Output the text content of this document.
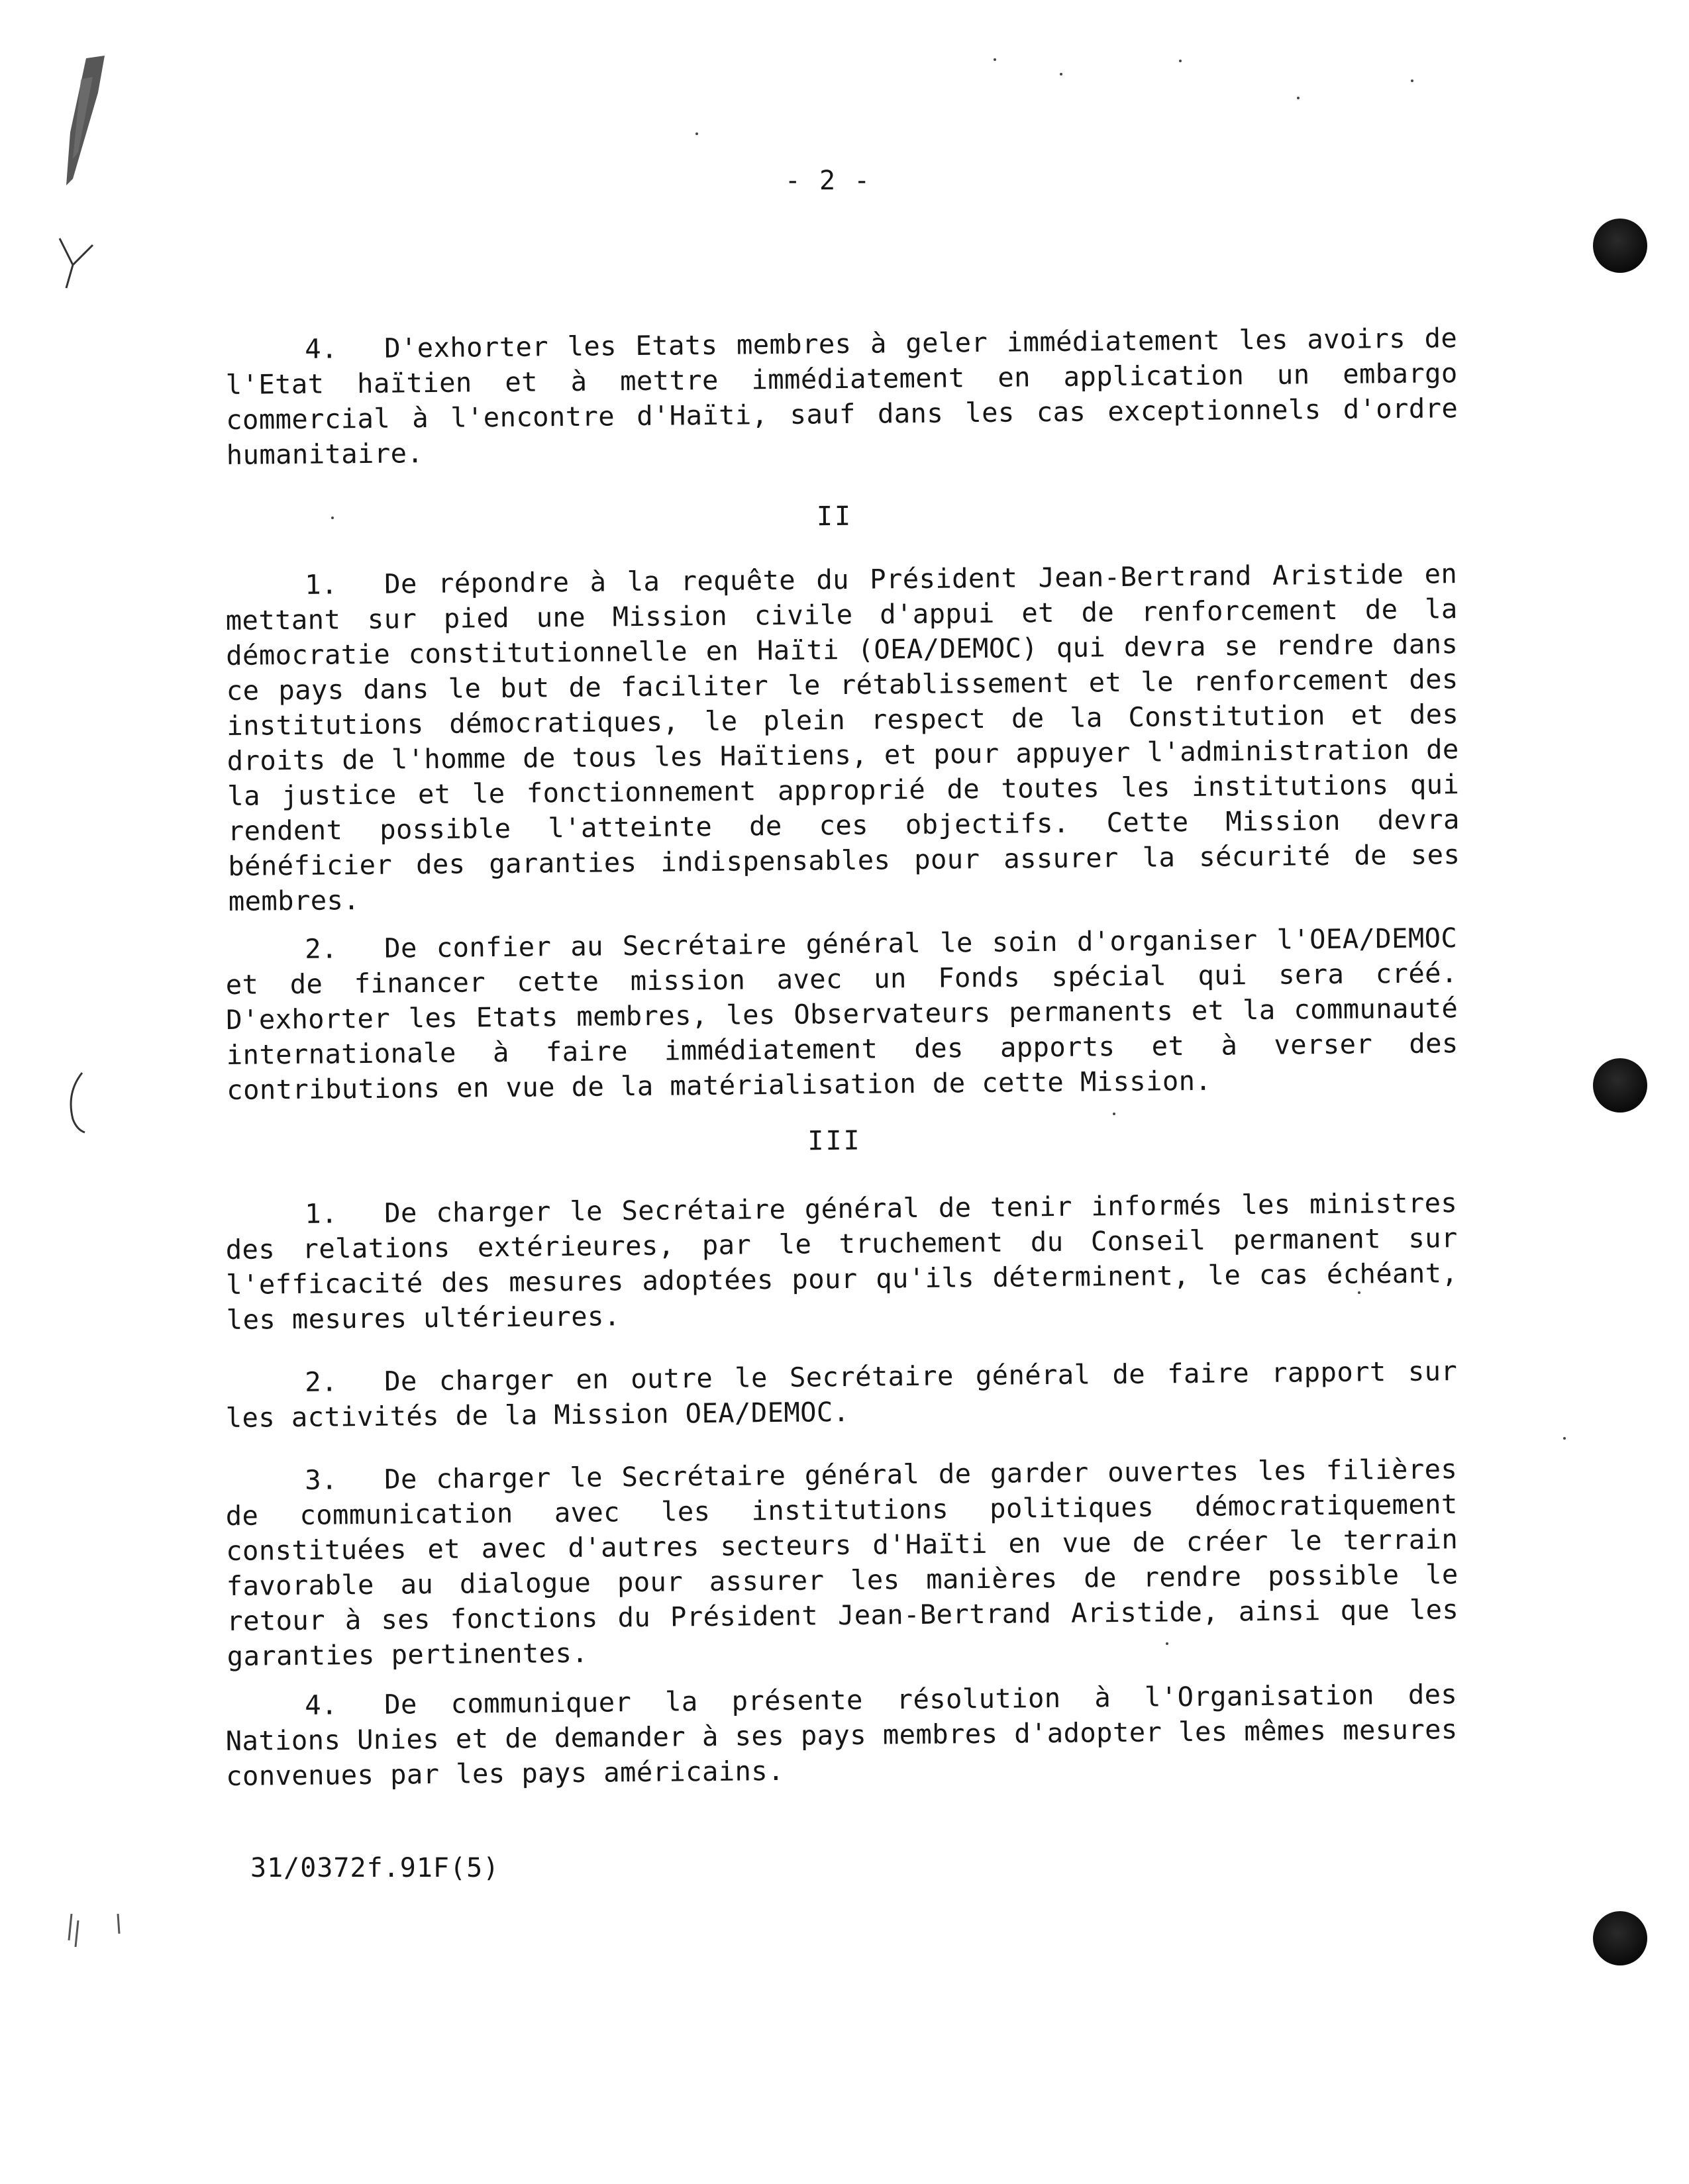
- 2 -

4. D'exhorter les Etats membres à geler immédiatement les avoirs de l'Etat haïtien et à mettre immédiatement en application un embargo commercial à l'encontre d'Haïti, sauf dans les cas exceptionnels d'ordre humanitaire.

II

1. De répondre à la requête du Président Jean-Bertrand Aristide en mettant sur pied une Mission civile d'appui et de renforcement de la démocratie constitutionnelle en Haïti (OEA/DEMOC) qui devra se rendre dans ce pays dans le but de faciliter le rétablissement et le renforcement des institutions démocratiques, le plein respect de la Constitution et des droits de l'homme de tous les Haïtiens, et pour appuyer l'administration de la justice et le fonctionnement approprié de toutes les institutions qui rendent possible l'atteinte de ces objectifs. Cette Mission devra bénéficier des garanties indispensables pour assurer la sécurité de ses membres.

2. De confier au Secrétaire général le soin d'organiser l'OEA/DEMOC et de financer cette mission avec un Fonds spécial qui sera créé. D'exhorter les Etats membres, les Observateurs permanents et la communauté internationale à faire immédiatement des apports et à verser des contributions en vue de la matérialisation de cette Mission.

III

1. De charger le Secrétaire général de tenir informés les ministres des relations extérieures, par le truchement du Conseil permanent sur l'efficacité des mesures adoptées pour qu'ils déterminent, le cas échéant, les mesures ultérieures.

2. De charger en outre le Secrétaire général de faire rapport sur les activités de la Mission OEA/DEMOC.

3. De charger le Secrétaire général de garder ouvertes les filières de communication avec les institutions politiques démocratiquement constituées et avec d'autres secteurs d'Haïti en vue de créer le terrain favorable au dialogue pour assurer les manières de rendre possible le retour à ses fonctions du Président Jean-Bertrand Aristide, ainsi que les garanties pertinentes.

4. De communiquer la présente résolution à l'Organisation des Nations Unies et de demander à ses pays membres d'adopter les mêmes mesures convenues par les pays américains.

31/0372f.91F(5)
